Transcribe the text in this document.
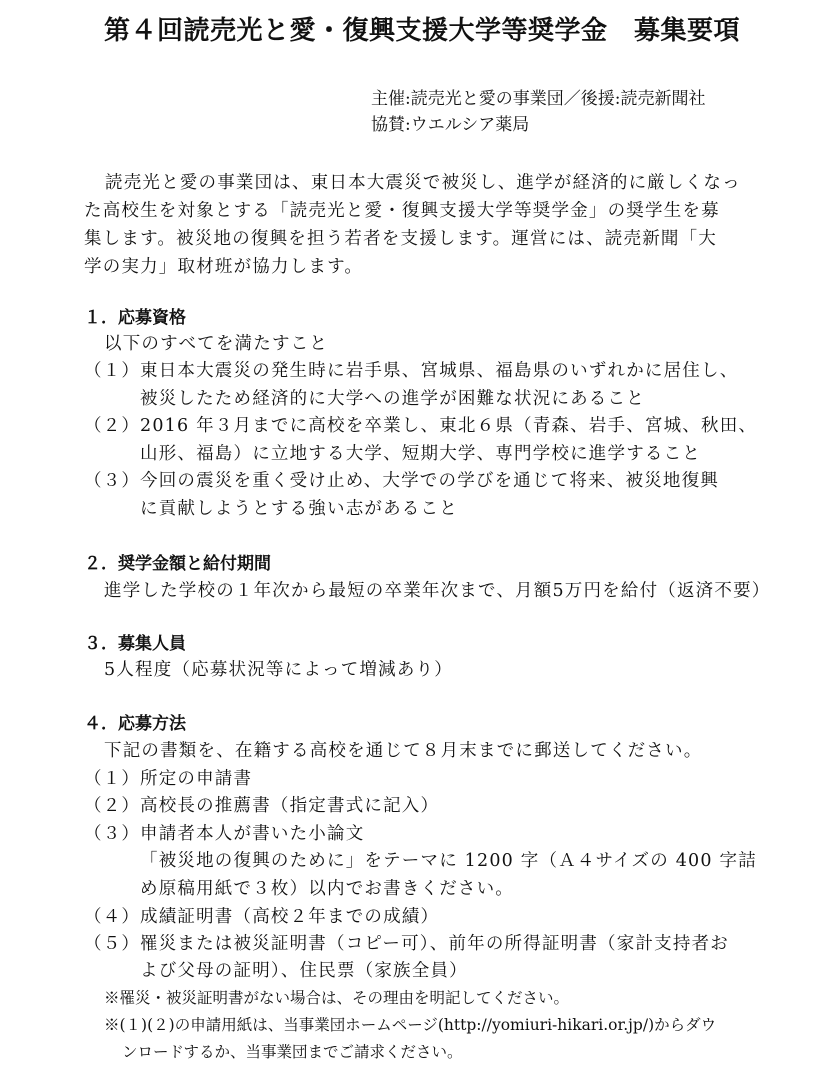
第４回読売光と愛・復興支援大学等奨学金　募集要項

主催:読売光と愛の事業団／後援:読売新聞社

協賛:ウエルシア薬局

読売光と愛の事業団は、東日本大震災で被災し、進学が経済的に厳しくなっ

た高校生を対象とする「読売光と愛・復興支援大学等奨学金」の奨学生を募

集します。被災地の復興を担う若者を支援します。運営には、読売新聞「大

学の実力」取材班が協力します。

１．応募資格

以下のすべてを満たすこと

（１） 東日本大震災の発生時に岩手県、宮城県、福島県のいずれかに居住し、

被災したため経済的に大学への進学が困難な状況にあること

（２） 2016 年３月までに高校を卒業し、東北６県（青森、岩手、宮城、秋田、

山形、福島）に立地する大学、短期大学、専門学校に進学すること

（３） 今回の震災を重く受け止め、大学での学びを通じて将来、被災地復興

に貢献しようとする強い志があること

２．奨学金額と給付期間

進学した学校の１年次から最短の卒業年次まで、月額5万円を給付（返済不要）

３．募集人員

5人程度（応募状況等によって増減あり）

４．応募方法

下記の書類を、在籍する高校を通じて８月末までに郵送してください。

（１） 所定の申請書

（２） 高校長の推薦書（指定書式に記入）

（３） 申請者本人が書いた小論文

「被災地の復興のために」をテーマに 1200 字（Ａ４サイズの 400 字詰

め原稿用紙で３枚）以内でお書きください。

（４） 成績証明書（高校２年までの成績）

（５） 罹災または被災証明書（コピー可）、前年の所得証明書（家計支持者お

よび父母の証明）、住民票（家族全員）

※罹災・被災証明書がない場合は、その理由を明記してください。

※(１)(２)の申請用紙は、当事業団ホームページ(http://yomiuri-hikari.or.jp/)からダウ

ンロードするか、当事業団までご請求ください。
